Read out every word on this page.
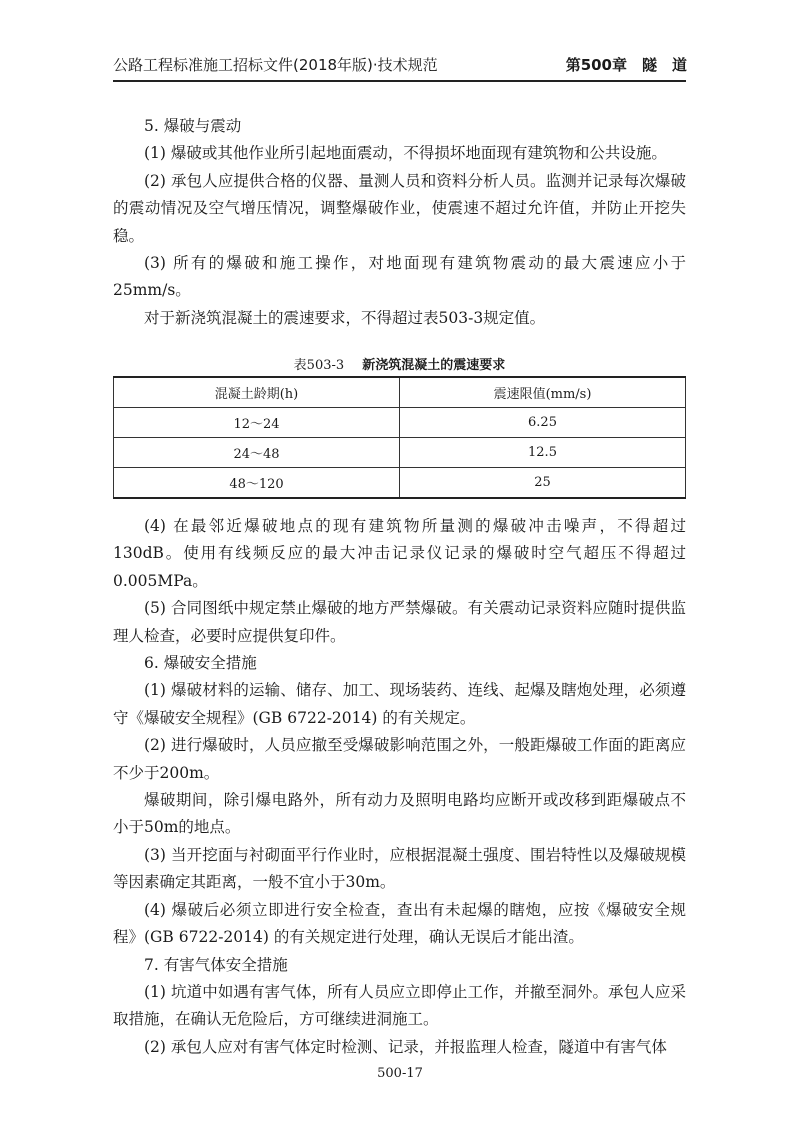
公路工程标准施工招标文件(2018年版)·技术规范	第500章　隧　道

5. 爆破与震动

(1) 爆破或其他作业所引起地面震动，不得损坏地面现有建筑物和公共设施。

(2) 承包人应提供合格的仪器、量测人员和资料分析人员。监测并记录每次爆破的震动情况及空气增压情况，调整爆破作业，使震速不超过允许值，并防止开挖失稳。

(3) 所有的爆破和施工操作，对地面现有建筑物震动的最大震速应小于25mm/s。

对于新浇筑混凝土的震速要求，不得超过表503-3规定值。

表503-3 新浇筑混凝土的震速要求
混凝土龄期(h)	震速限值(mm/s)
12～24	6.25
24～48	12.5
48～120	25

(4) 在最邻近爆破地点的现有建筑物所量测的爆破冲击噪声，不得超过130dB。使用有线频反应的最大冲击记录仪记录的爆破时空气超压不得超过0.005MPa。

(5) 合同图纸中规定禁止爆破的地方严禁爆破。有关震动记录资料应随时提供监理人检查，必要时应提供复印件。

6. 爆破安全措施

(1) 爆破材料的运输、储存、加工、现场装药、连线、起爆及瞎炮处理，必须遵守《爆破安全规程》(GB 6722-2014) 的有关规定。

(2) 进行爆破时，人员应撤至受爆破影响范围之外，一般距爆破工作面的距离应不少于200m。

爆破期间，除引爆电路外，所有动力及照明电路均应断开或改移到距爆破点不小于50m的地点。

(3) 当开挖面与衬砌面平行作业时，应根据混凝土强度、围岩特性以及爆破规模等因素确定其距离，一般不宜小于30m。

(4) 爆破后必须立即进行安全检查，查出有未起爆的瞎炮，应按《爆破安全规程》(GB 6722-2014) 的有关规定进行处理，确认无误后才能出渣。

7. 有害气体安全措施

(1) 坑道中如遇有害气体，所有人员应立即停止工作，并撤至洞外。承包人应采取措施，在确认无危险后，方可继续进洞施工。

(2) 承包人应对有害气体定时检测、记录，并报监理人检查，隧道中有害气体

500-17
